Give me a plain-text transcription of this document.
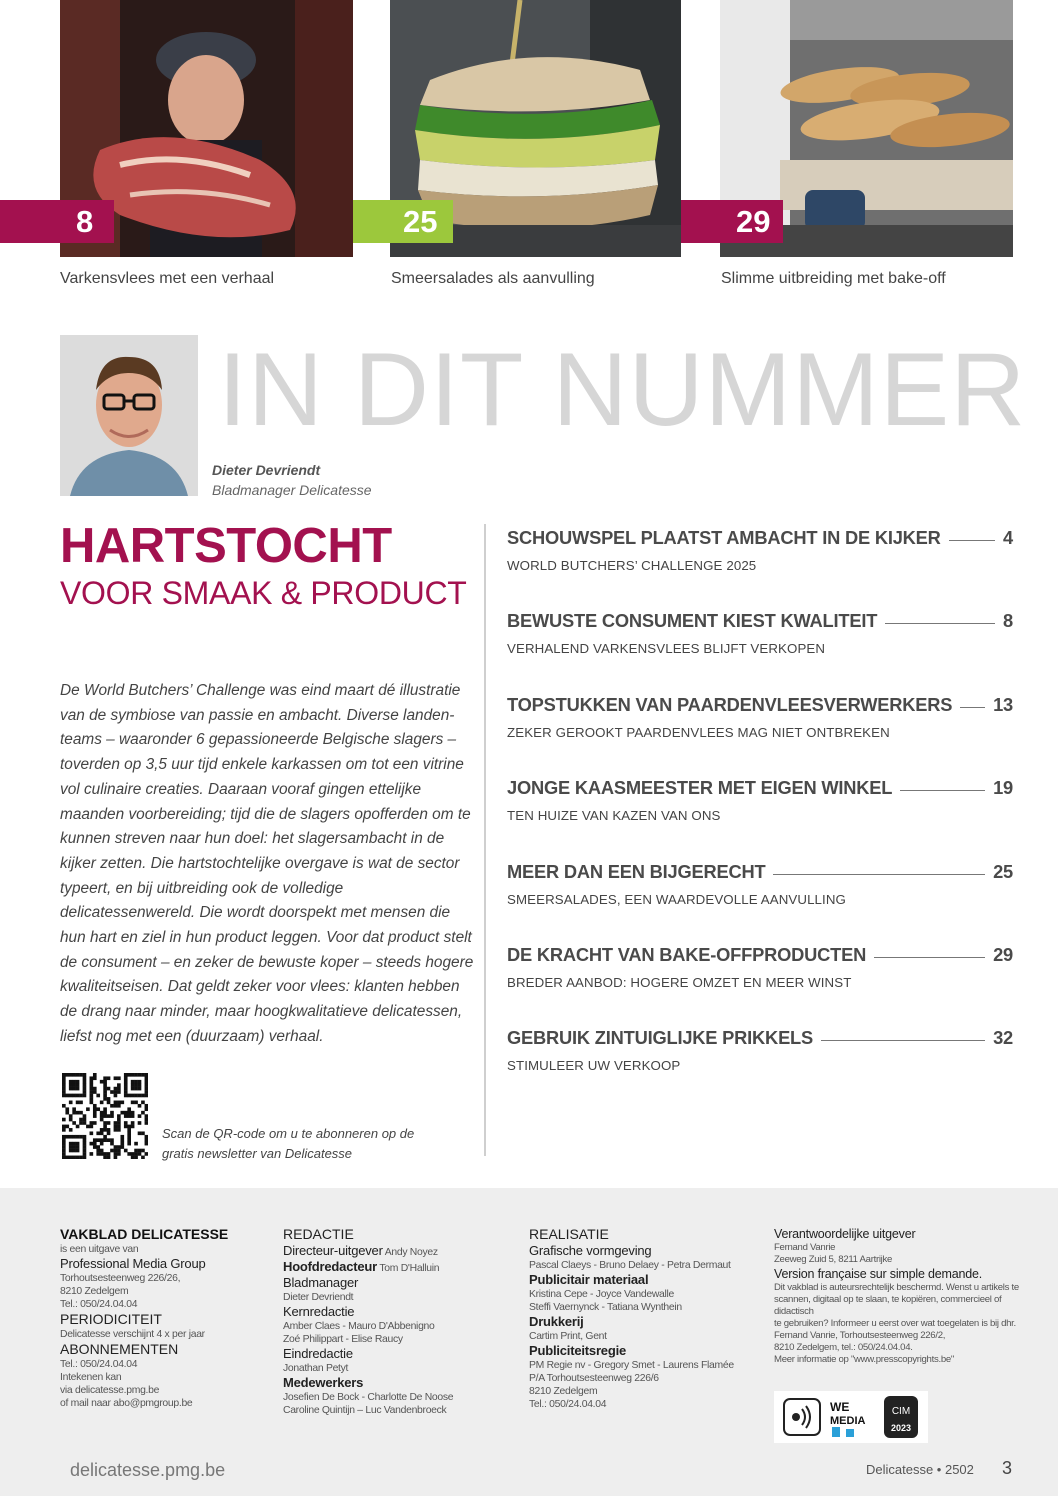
8	25	29
Varkensvlees met een verhaal	Smeersalades als aanvulling	Slimme uitbreiding met bake-off
IN DIT NUMMER
Dieter Devriendt
Bladmanager Delicatesse
HARTSTOCHT
VOOR SMAAK & PRODUCT
De World Butchers’ Challenge was eind maart dé illustratie van de symbiose van passie en ambacht. Diverse landenteams – waaronder 6 gepassioneerde Belgische slagers – toverden op 3,5 uur tijd enkele karkassen om tot een vitrine vol culinaire creaties. Daaraan vooraf gingen ettelijke maanden voorbereiding; tijd die de slagers opofferden om te kunnen streven naar hun doel: het slagersambacht in de kijker zetten. Die hartstochtelijke overgave is wat de sector typeert, en bij uitbreiding ook de volledige delicatessenwereld. Die wordt doorspekt met mensen die hun hart en ziel in hun product leggen. Voor dat product stelt de consument – en zeker de bewuste koper – steeds hogere kwaliteitseisen. Dat geldt zeker voor vlees: klanten hebben de drang naar minder, maar hoogkwalitatieve delicatessen, liefst nog met een (duurzaam) verhaal.
Scan de QR-code om u te abonneren op de gratis newsletter van Delicatesse
SCHOUWSPEL PLAATST AMBACHT IN DE KIJKER	4
WORLD BUTCHERS’ CHALLENGE 2025
BEWUSTE CONSUMENT KIEST KWALITEIT	8
VERHALEND VARKENSVLEES BLIJFT VERKOPEN
TOPSTUKKEN VAN PAARDENVLEESVERWERKERS 13
ZEKER GEROOKT PAARDENVLEES MAG NIET ONTBREKEN
JONGE KAASMEESTER MET EIGEN WINKEL	19
TEN HUIZE VAN KAZEN VAN ONS
MEER DAN EEN BIJGERECHT	25
SMEERSALADES, EEN WAARDEVOLLE AANVULLING
DE KRACHT VAN BAKE-OFFPRODUCTEN	29
BREDER AANBOD: HOGERE OMZET EN MEER WINST
GEBRUIK ZINTUIGLIJKE PRIKKELS	32
STIMULEER UW VERKOOP
VAKBLAD DELICATESSE
is een uitgave van
Professional Media Group
Torhoutsesteenweg 226/26,
8210 Zedelgem
Tel.: 050/24.04.04
PERIODICITEIT
Delicatesse verschijnt 4 x per jaar
ABONNEMENTEN
Tel.: 050/24.04.04
Intekenen kan
via delicatesse.pmg.be
of mail naar abo@pmgroup.be
REDACTIE
Directeur-uitgever Andy Noyez
Hoofdredacteur Tom D'Halluin
Bladmanager
Dieter Devriendt
Kernredactie
Amber Claes - Mauro D'Abbenigno
Zoé Philippart - Elise Raucy
Eindredactie
Jonathan Petyt
Medewerkers
Josefien De Bock - Charlotte De Noose
Caroline Quintijn – Luc Vandenbroeck
REALISATIE
Grafische vormgeving
Pascal Claeys - Bruno Delaey - Petra Dermaut
Publicitair materiaal
Kristina Cepe - Joyce Vandewalle
Steffi Vaernynck - Tatiana Wynthein
Drukkerij
Cartim Print, Gent
Publiciteitsregie
PM Regie nv - Gregory Smet - Laurens Flamée
P/A Torhoutsesteenweg 226/6
8210 Zedelgem
Tel.: 050/24.04.04
Verantwoordelijke uitgever
Fernand Vanrie
Zeeweg Zuid 5, 8211 Aartrijke
Version française sur simple demande.
Dit vakblad is auteursrechtelijk beschermd. Wenst u artikels te
scannen, digitaal op te slaan, te kopiëren, commercieel of didactisch
te gebruiken? Informeer u eerst over wat toegelaten is bij dhr.
Fernand Vanrie, Torhoutsesteenweg 226/2,
8210 Zedelgem, tel.: 050/24.04.04.
Meer informatie op "www.presscopyrights.be"
WE
MEDIA
CIM
2023
delicatesse.pmg.be	Delicatesse • 2502 3
